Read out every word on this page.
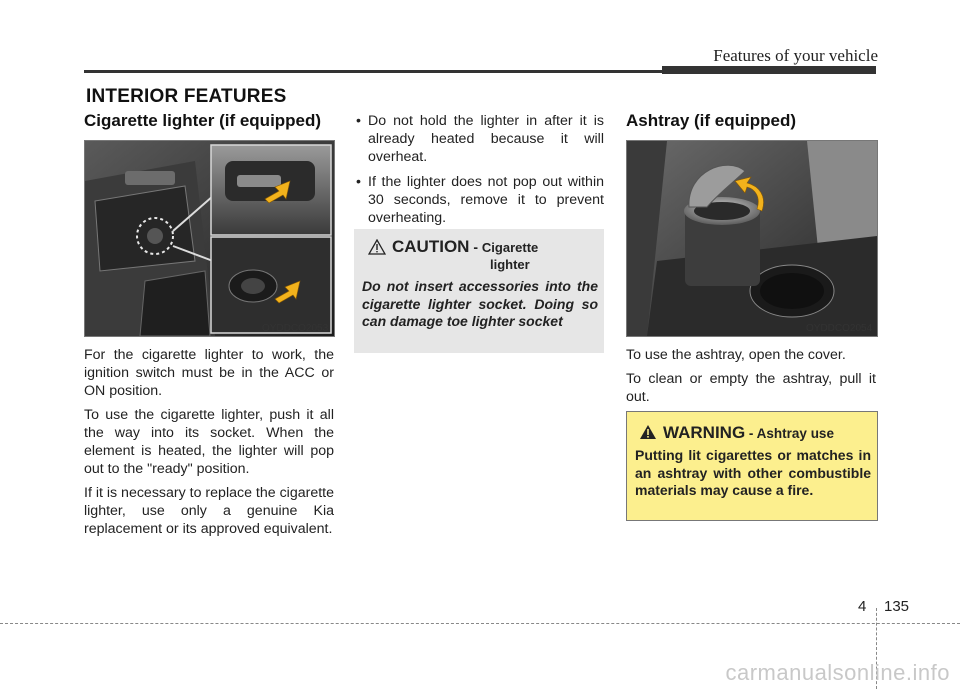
Features of your vehicle
INTERIOR FEATURES
Cigarette lighter (if equipped)
OYDDCO2053

For the cigarette lighter to work, the ignition switch must be in the ACC or ON position.

To use the cigarette lighter, push it all the way into its socket. When the element is heated, the lighter will pop out to the "ready" position.

If it is necessary to replace the cigarette lighter, use only a genuine Kia replacement or its approved equivalent.

• Do not hold the lighter in after it is already heated because it will overheat.
• If the lighter does not pop out within 30 seconds, remove it to prevent overheating.
CAUTION - Cigarette
lighter
Do not insert accessories into the cigarette lighter socket. Doing so can damage toe lighter socket
Ashtray (if equipped)
OYDDCO2054

To use the ashtray, open the cover.

To clean or empty the ashtray, pull it out.

WARNING - Ashtray use
Putting lit cigarettes or matches in an ashtray with other combustible materials may cause a fire.
4 135
carmanualsonline.info
